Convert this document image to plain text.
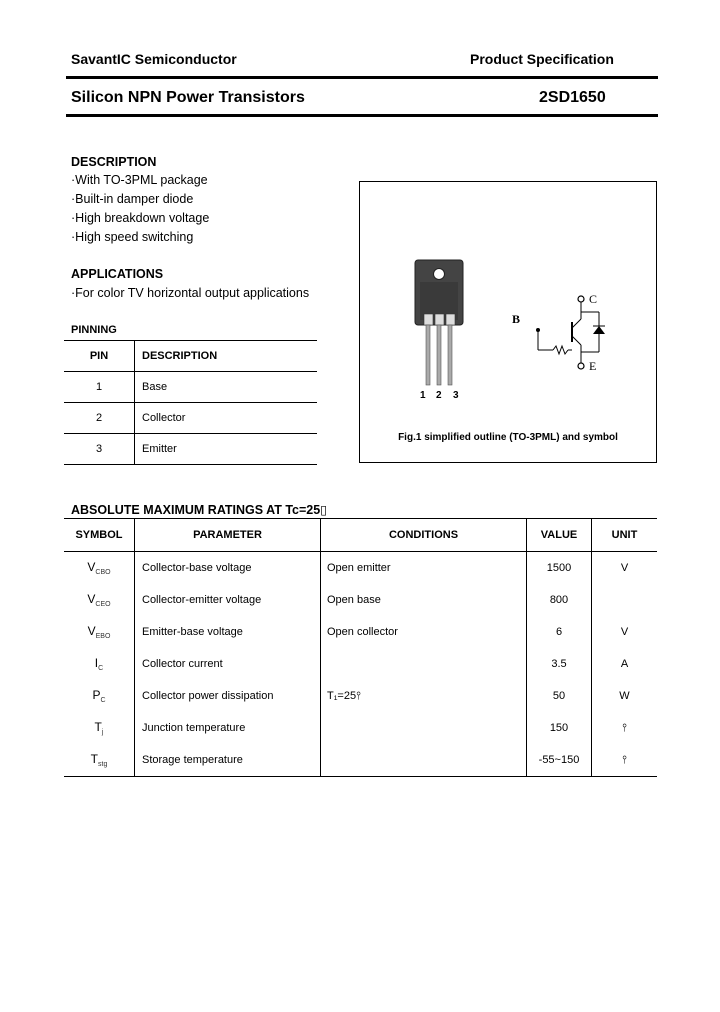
SavantIC Semiconductor	Product Specification
Silicon NPN Power Transistors	2SD1650
DESCRIPTION
·With TO-3PML package
·Built-in damper diode
·High breakdown voltage
·High speed switching
APPLICATIONS
·For color TV horizontal output applications
PINNING
PIN	DESCRIPTION
1	Base
2	Collector
3	Emitter
1 2 3
B
C
E
Fig.1 simplified outline (TO-3PML) and symbol
ABSOLUTE MAXIMUM RATINGS AT Tc=25▯
SYMBOL	PARAMETER	CONDITIONS	VALUE	UNIT
$V_{CBO}$	Collector-base voltage	Open emitter	1500	V
$V_{CEO}$	Collector-emitter voltage	Open base	800	
$V_{EBO}$	Emitter-base voltage	Open collector	6	V
$I_C$	Collector current		3.5	A
$P_C$	Collector power dissipation	T₁=25⫯	50	W
$T_j$	Junction temperature		150	⫯
$T_{stg}$	Storage temperature		-55~150	⫯
